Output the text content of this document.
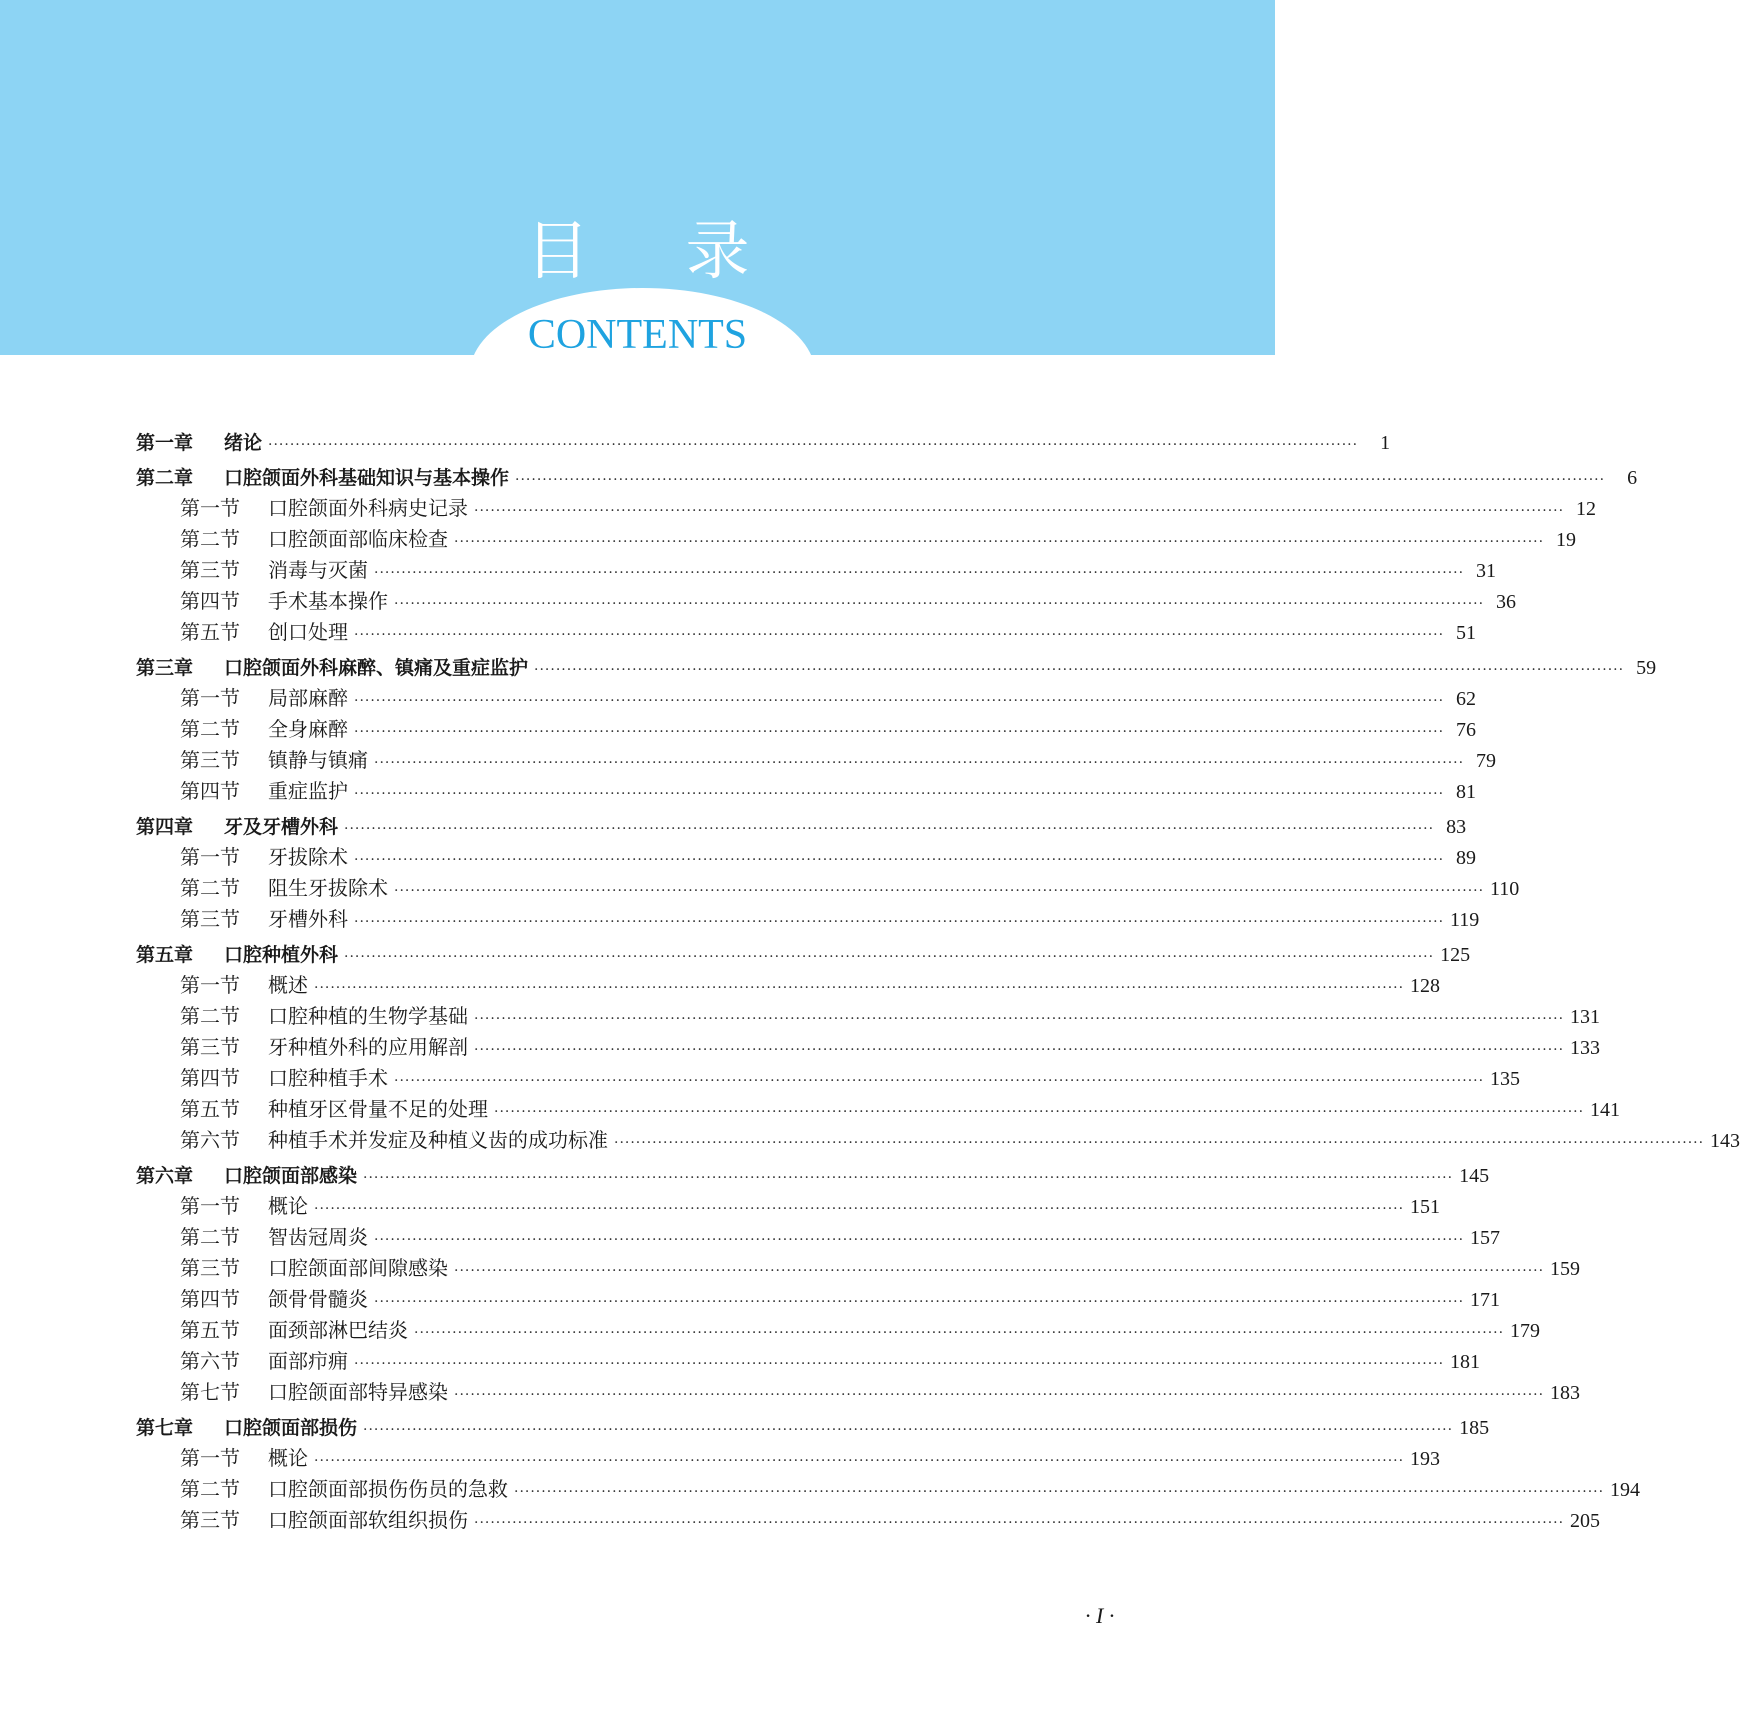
目录
CONTENTS
第一章	绪论 ········································································································································································································	1
第二章	口腔颌面外科基础知识与基本操作 ········································································································································································································	6
第一节	口腔颌面外科病史记录 ········································································································································································································ 12
第二节	口腔颌面部临床检查 ········································································································································································································ 19
第三节	消毒与灭菌 ········································································································································································································ 31
第四节	手术基本操作 ········································································································································································································ 36
第五节	创口处理 ········································································································································································································ 51
第三章	口腔颌面外科麻醉、镇痛及重症监护 ········································································································································································································ 59
第一节	局部麻醉 ········································································································································································································ 62
第二节	全身麻醉 ········································································································································································································ 76
第三节	镇静与镇痛 ········································································································································································································ 79
第四节	重症监护 ········································································································································································································ 81
第四章	牙及牙槽外科 ········································································································································································································ 83
第一节	牙拔除术 ········································································································································································································ 89
第二节	阻生牙拔除术 ········································································································································································································ 110
第三节	牙槽外科 ········································································································································································································ 119
第五章	口腔种植外科 ········································································································································································································ 125
第一节	概述 ········································································································································································································ 128
第二节	口腔种植的生物学基础 ········································································································································································································ 131
第三节	牙种植外科的应用解剖 ········································································································································································································ 133
第四节	口腔种植手术 ········································································································································································································ 135
第五节	种植牙区骨量不足的处理 ········································································································································································································ 141
第六节	种植手术并发症及种植义齿的成功标准 ········································································································································································································ 143
第六章	口腔颌面部感染 ········································································································································································································ 145
第一节	概论 ········································································································································································································ 151
第二节	智齿冠周炎 ········································································································································································································ 157
第三节	口腔颌面部间隙感染 ········································································································································································································ 159
第四节	颌骨骨髓炎 ········································································································································································································ 171
第五节	面颈部淋巴结炎 ········································································································································································································ 179
第六节	面部疖痈 ········································································································································································································ 181
第七节	口腔颌面部特异感染 ········································································································································································································ 183
第七章	口腔颌面部损伤 ········································································································································································································ 185
第一节	概论 ········································································································································································································ 193
第二节	口腔颌面部损伤伤员的急救 ········································································································································································································ 194
第三节	口腔颌面部软组织损伤 ········································································································································································································ 205
· I ·
